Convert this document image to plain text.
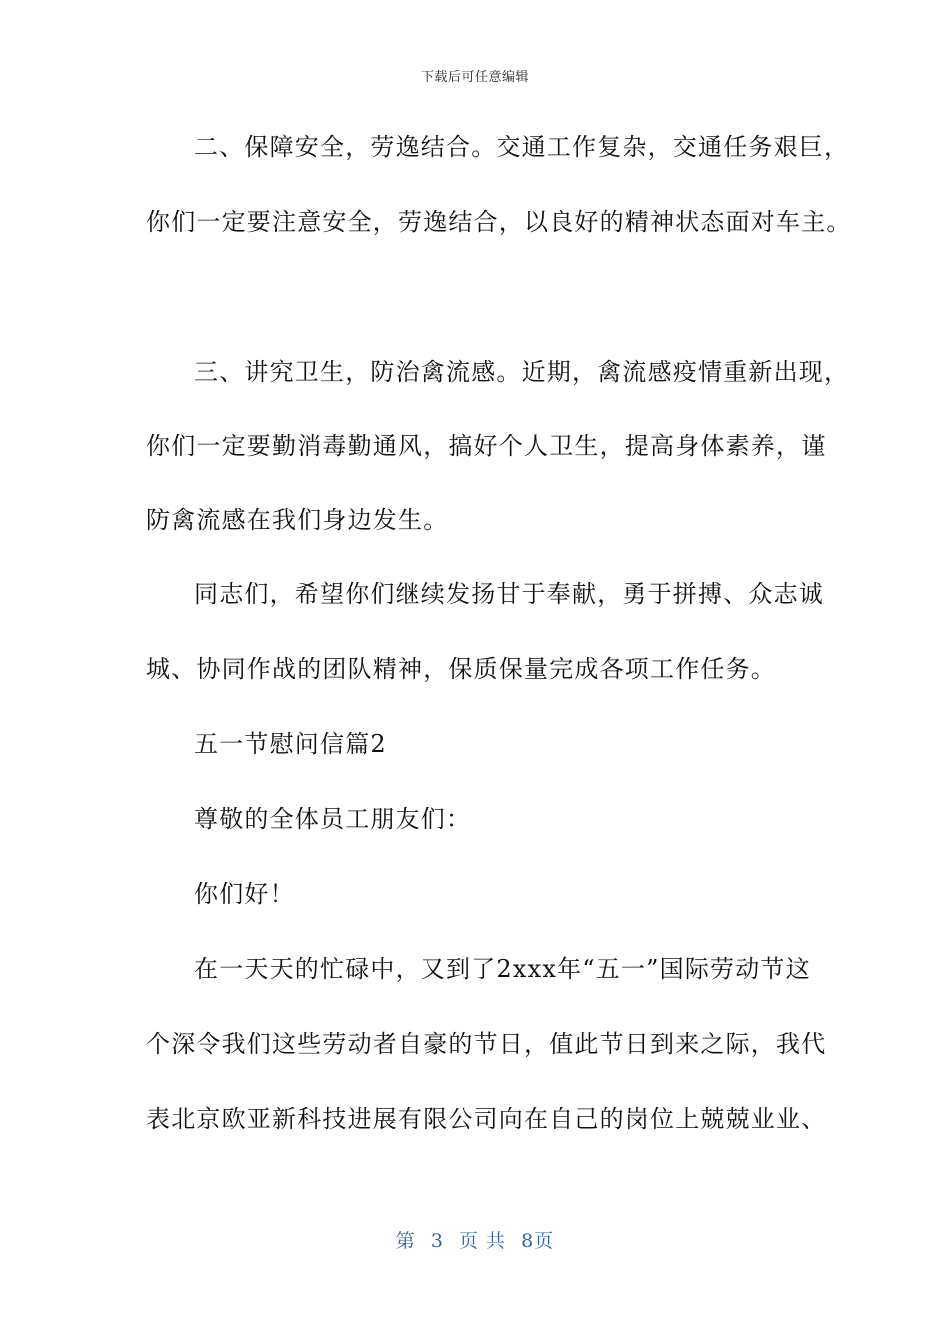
下载后可任意编辑
二、保障安全，劳逸结合。交通工作复杂，交通任务艰巨，
你们一定要注意安全，劳逸结合，以良好的精神状态面对车主。
三、讲究卫生，防治禽流感。近期，禽流感疫情重新出现，
你们一定要勤消毒勤通风，搞好个人卫生，提高身体素养，谨
防禽流感在我们身边发生。
同志们，希望你们继续发扬甘于奉献，勇于拼搏、众志诚
城、协同作战的团队精神，保质保量完成各项工作任务。
五一节慰问信篇2
尊敬的全体员工朋友们：
你们好！
在一天天的忙碌中，又到了2xxx年“五一”国际劳动节这
个深令我们这些劳动者自豪的节日，值此节日到来之际，我代
表北京欧亚新科技进展有限公司向在自己的岗位上兢兢业业、
第 3 页 共 8页
